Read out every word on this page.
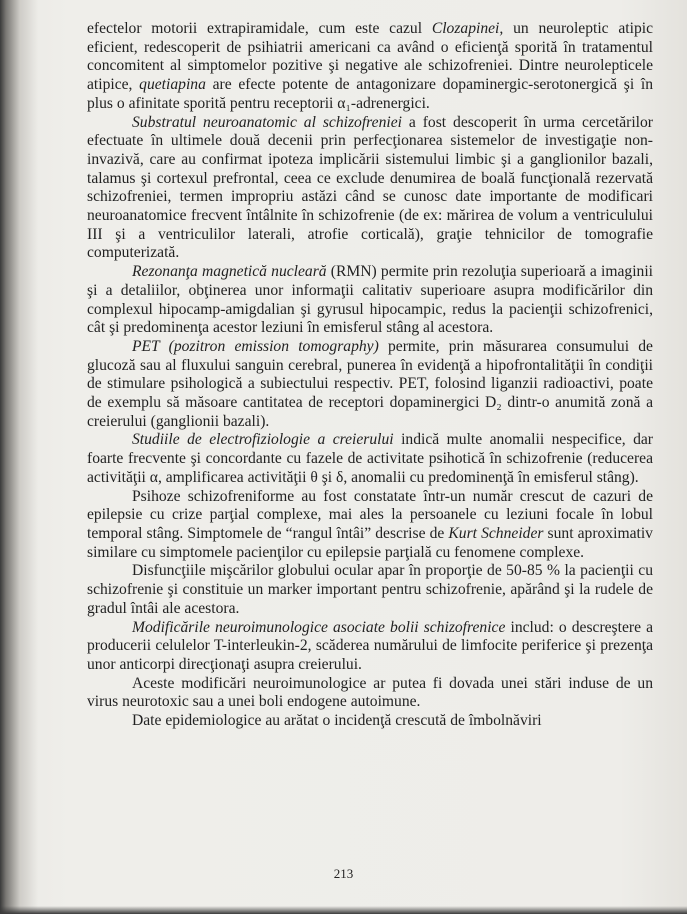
efectelor motorii extrapiramidale, cum este cazul Clozapinei, un neuroleptic atipic eficient, redescoperit de psihiatrii americani ca având o eficienţă sporită în tratamentul concomitent al simptomelor pozitive şi negative ale schizofreniei. Dintre neurolepticele atipice, quetiapina are efecte potente de antagonizare dopaminergic-serotonergică şi în plus o afinitate sporită pentru receptorii α₁-adrenergici.

Substratul neuroanatomic al schizofreniei a fost descoperit în urma cercetărilor efectuate în ultimele două decenii prin perfecţionarea sistemelor de investigaţie non-invazivă, care au confirmat ipoteza implicării sistemului limbic şi a ganglionilor bazali, talamus şi cortexul prefrontal, ceea ce exclude denumirea de boală funcţională rezervată schizofreniei, termen impropriu astăzi când se cunosc date importante de modificari neuroanatomice frecvent întâlnite în schizofrenie (de ex: mărirea de volum a ventriculului III şi a ventriculilor laterali, atrofie corticală), graţie tehnicilor de tomografie computerizată.

Rezonanţa magnetică nucleară (RMN) permite prin rezoluţia superioară a imaginii şi a detaliilor, obţinerea unor informaţii calitativ superioare asupra modificărilor din complexul hipocamp-amigdalian şi gyrusul hipocampic, redus la pacienţii schizofrenici, cât şi predominenţa acestor leziuni în emisferul stâng al acestora.

PET (pozitron emission tomography) permite, prin măsurarea consumului de glucoză sau al fluxului sanguin cerebral, punerea în evidenţă a hipofrontalităţii în condiţii de stimulare psihologică a subiectului respectiv. PET, folosind liganzii radioactivi, poate de exemplu să măsoare cantitatea de receptori dopaminergici D₂ dintr-o anumită zonă a creierului (ganglionii bazali).

Studiile de electrofiziologie a creierului indică multe anomalii nespecifice, dar foarte frecvente şi concordante cu fazele de activitate psihotică în schizofrenie (reducerea activităţii α, amplificarea activităţii θ şi δ, anomalii cu predominenţă în emisferul stâng).

Psihoze schizofreniforme au fost constatate într-un număr crescut de cazuri de epilepsie cu crize parţial complexe, mai ales la persoanele cu leziuni focale în lobul temporal stâng. Simptomele de “rangul întâi” descrise de Kurt Schneider sunt aproximativ similare cu simptomele pacienţilor cu epilepsie parţială cu fenomene complexe.

Disfuncţiile mişcărilor globului ocular apar în proporţie de 50-85 % la pacienţii cu schizofrenie şi constituie un marker important pentru schizofrenie, apărând şi la rudele de gradul întâi ale acestora.

Modificările neuroimunologice asociate bolii schizofrenice includ: o descreştere a producerii celulelor T-interleukin-2, scăderea numărului de limfocite periferice şi prezenţa unor anticorpi direcţionaţi asupra creierului.

Aceste modificări neuroimunologice ar putea fi dovada unei stări induse de un virus neurotoxic sau a unei boli endogene autoimune.

Date epidemiologice au arătat o incidenţă crescută de îmbolnăviri

213
